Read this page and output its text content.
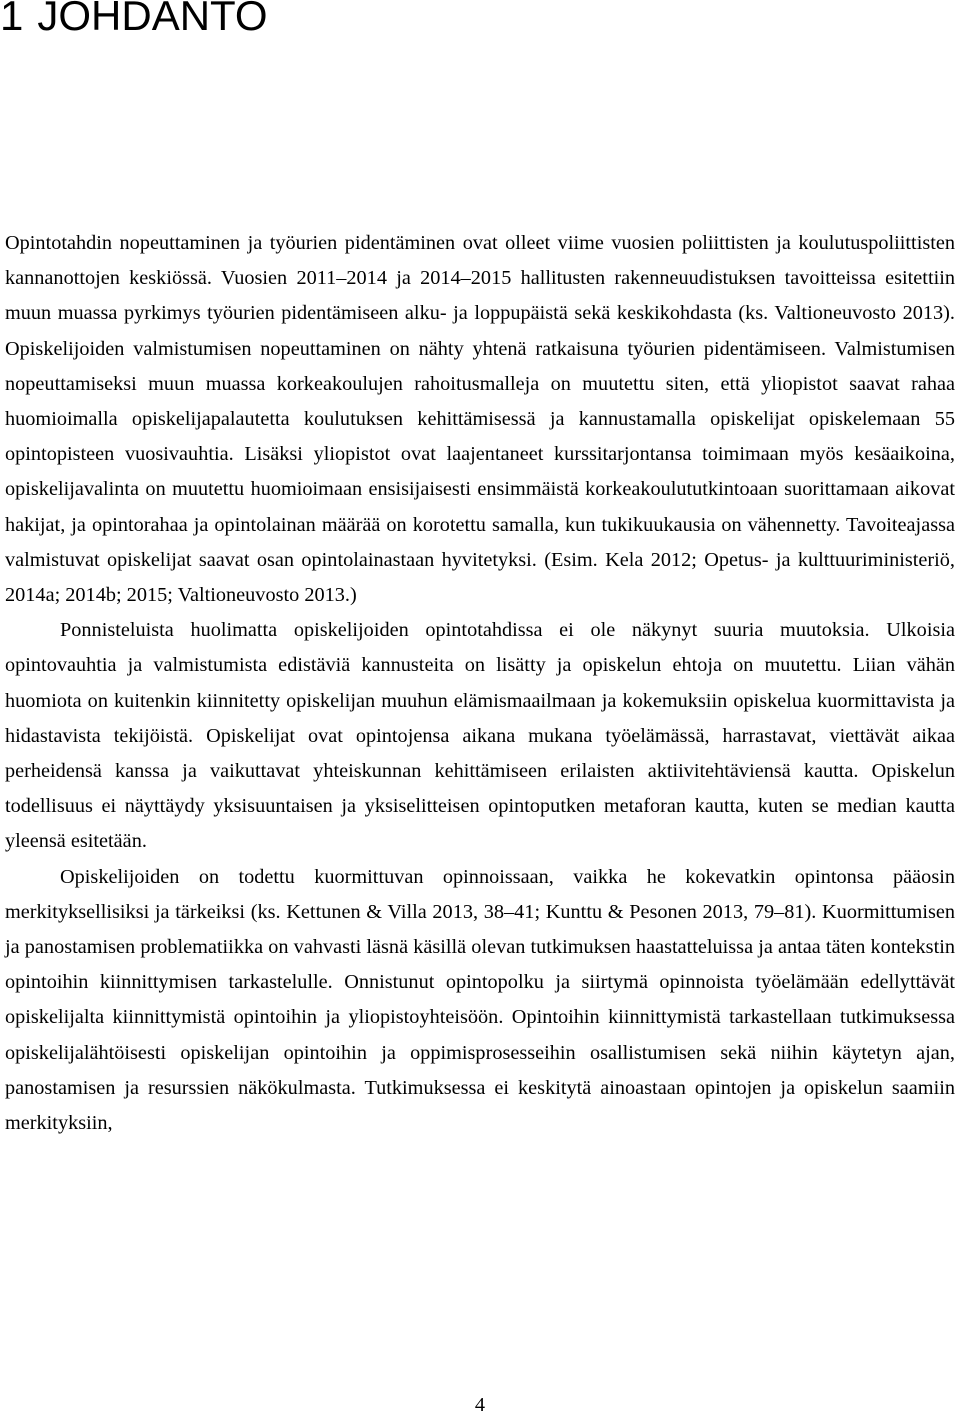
1 JOHDANTO

Opintotahdin nopeuttaminen ja työurien pidentäminen ovat olleet viime vuosien poliittisten ja koulutuspoliittisten kannanottojen keskiössä. Vuosien 2011–2014 ja 2014–2015 hallitusten rakenneuudistuksen tavoitteissa esitettiin muun muassa pyrkimys työurien pidentämiseen alku- ja loppupäistä sekä keskikohdasta (ks. Valtioneuvosto 2013). Opiskelijoiden valmistumisen nopeuttaminen on nähty yhtenä ratkaisuna työurien pidentämiseen. Valmistumisen nopeuttamiseksi muun muassa korkeakoulujen rahoitusmalleja on muutettu siten, että yliopistot saavat rahaa huomioimalla opiskelijapalautetta koulutuksen kehittämisessä ja kannustamalla opiskelijat opiskelemaan 55 opintopisteen vuosivauhtia. Lisäksi yliopistot ovat laajentaneet kurssitarjontansa toimimaan myös kesäaikoina, opiskelijavalinta on muutettu huomioimaan ensisijaisesti ensimmäistä korkeakoulututkintoaan suorittamaan aikovat hakijat, ja opintorahaa ja opintolainan määrää on korotettu samalla, kun tukikuukausia on vähennetty. Tavoiteajassa valmistuvat opiskelijat saavat osan opintolainastaan hyvitetyksi. (Esim. Kela 2012; Opetus- ja kulttuuriministeriö, 2014a; 2014b; 2015; Valtioneuvosto 2013.)

Ponnisteluista huolimatta opiskelijoiden opintotahdissa ei ole näkynyt suuria muutoksia. Ulkoisia opintovauhtia ja valmistumista edistäviä kannusteita on lisätty ja opiskelun ehtoja on muutettu. Liian vähän huomiota on kuitenkin kiinnitetty opiskelijan muuhun elämismaailmaan ja kokemuksiin opiskelua kuormittavista ja hidastavista tekijöistä. Opiskelijat ovat opintojensa aikana mukana työelämässä, harrastavat, viettävät aikaa perheidensä kanssa ja vaikuttavat yhteiskunnan kehittämiseen erilaisten aktiivitehtäviensä kautta. Opiskelun todellisuus ei näyttäydy yksisuuntaisen ja yksiselitteisen opintoputken metaforan kautta, kuten se median kautta yleensä esitetään.

Opiskelijoiden on todettu kuormittuvan opinnoissaan, vaikka he kokevatkin opintonsa pääosin merkityksellisiksi ja tärkeiksi (ks. Kettunen & Villa 2013, 38–41; Kunttu & Pesonen 2013, 79–81). Kuormittumisen ja panostamisen problematiikka on vahvasti läsnä käsillä olevan tutkimuksen haastatteluissa ja antaa täten kontekstin opintoihin kiinnittymisen tarkastelulle. Onnistunut opintopolku ja siirtymä opinnoista työelämään edellyttävät opiskelijalta kiinnittymistä opintoihin ja yliopistoyhteisöön. Opintoihin kiinnittymistä tarkastellaan tutkimuksessa opiskelijalähtöisesti opiskelijan opintoihin ja oppimisprosesseihin osallistumisen sekä niihin käytetyn ajan, panostamisen ja resurssien näkökulmasta. Tutkimuksessa ei keskitytä ainoastaan opintojen ja opiskelun saamiin merkityksiin,

4
